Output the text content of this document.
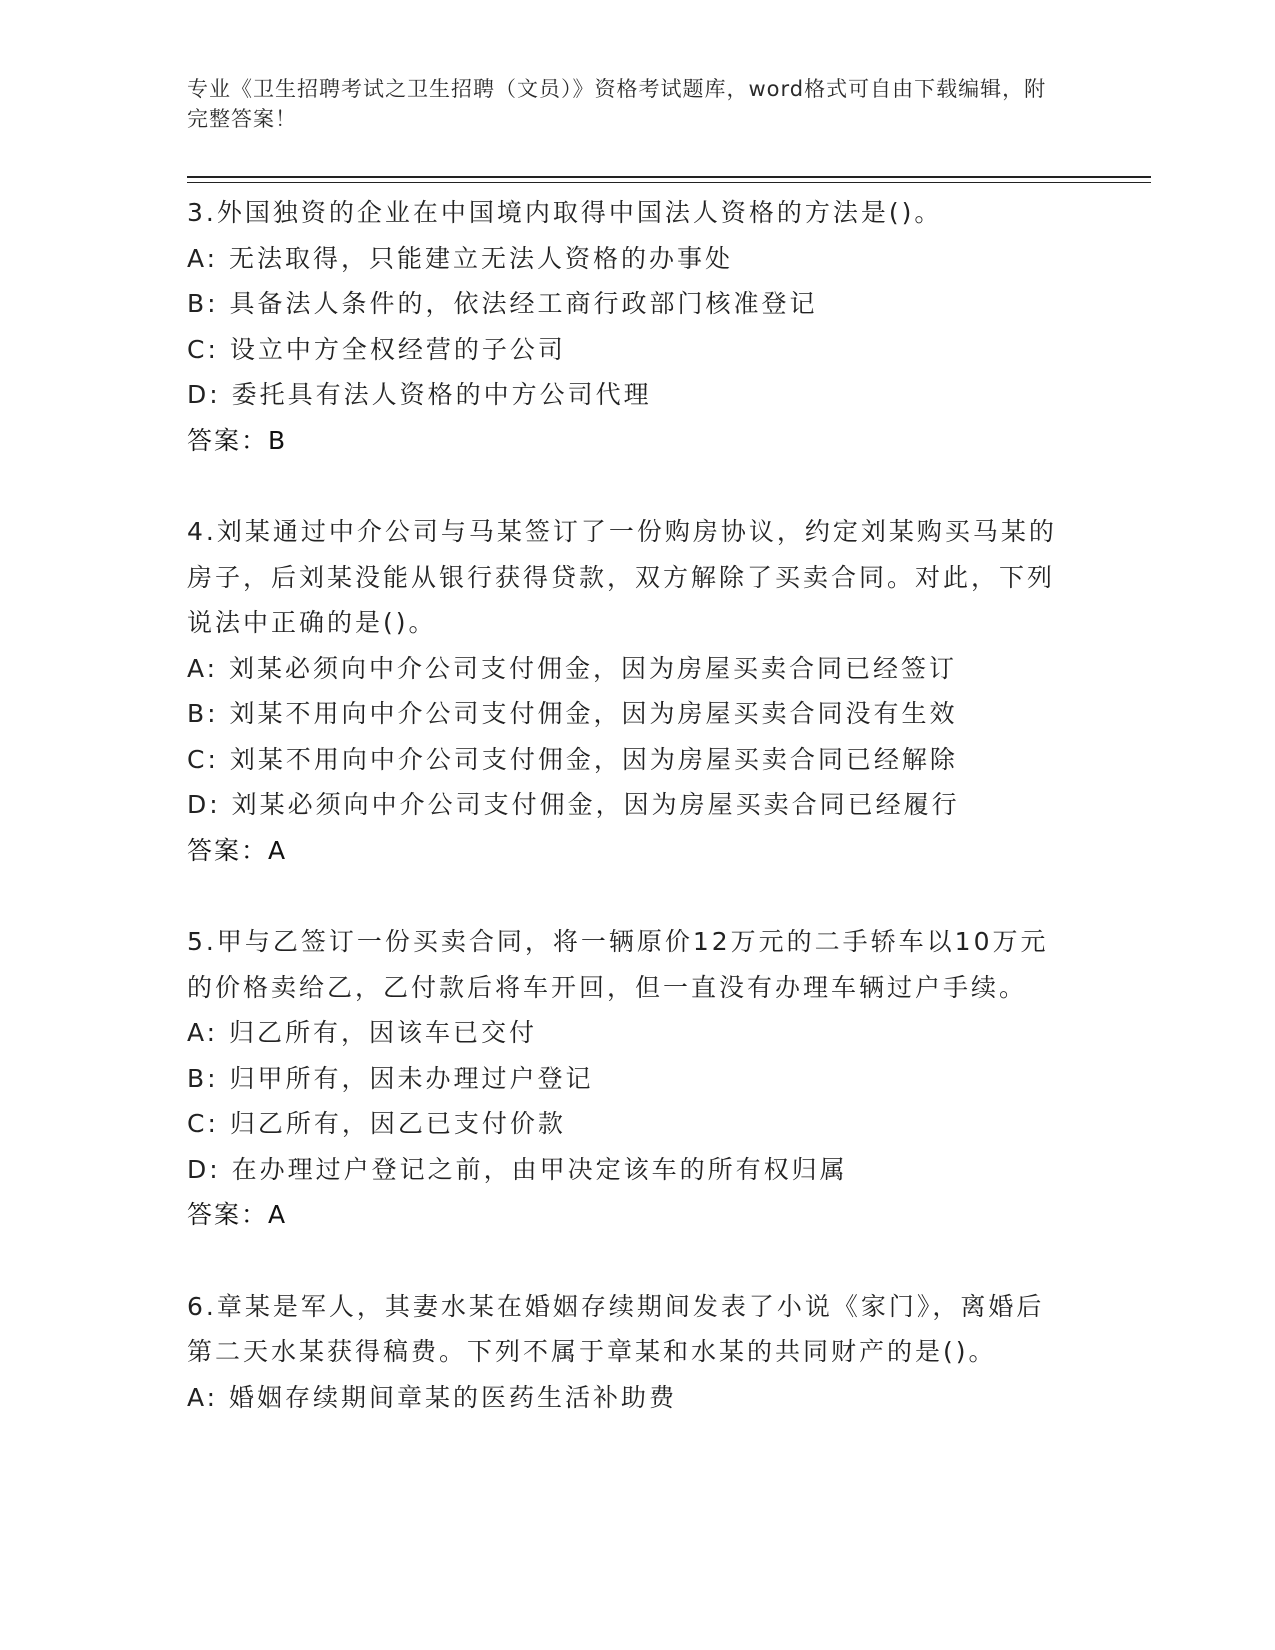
专业《卫生招聘考试之卫生招聘（文员）》资格考试题库，word格式可自由下载编辑，附完整答案！
3.外国独资的企业在中国境内取得中国法人资格的方法是()。
A: 无法取得，只能建立无法人资格的办事处
B: 具备法人条件的，依法经工商行政部门核准登记
C: 设立中方全权经营的子公司
D: 委托具有法人资格的中方公司代理
答案：B
4.刘某通过中介公司与马某签订了一份购房协议，约定刘某购买马某的房子，后刘某没能从银行获得贷款，双方解除了买卖合同。对此，下列说法中正确的是()。
A: 刘某必须向中介公司支付佣金，因为房屋买卖合同已经签订
B: 刘某不用向中介公司支付佣金，因为房屋买卖合同没有生效
C: 刘某不用向中介公司支付佣金，因为房屋买卖合同已经解除
D: 刘某必须向中介公司支付佣金，因为房屋买卖合同已经履行
答案：A
5.甲与乙签订一份买卖合同，将一辆原价12万元的二手轿车以10万元的价格卖给乙，乙付款后将车开回，但一直没有办理车辆过户手续。
A: 归乙所有，因该车已交付
B: 归甲所有，因未办理过户登记
C: 归乙所有，因乙已支付价款
D: 在办理过户登记之前，由甲决定该车的所有权归属
答案：A
6.章某是军人，其妻水某在婚姻存续期间发表了小说《家门》，离婚后第二天水某获得稿费。下列不属于章某和水某的共同财产的是()。
A: 婚姻存续期间章某的医药生活补助费
